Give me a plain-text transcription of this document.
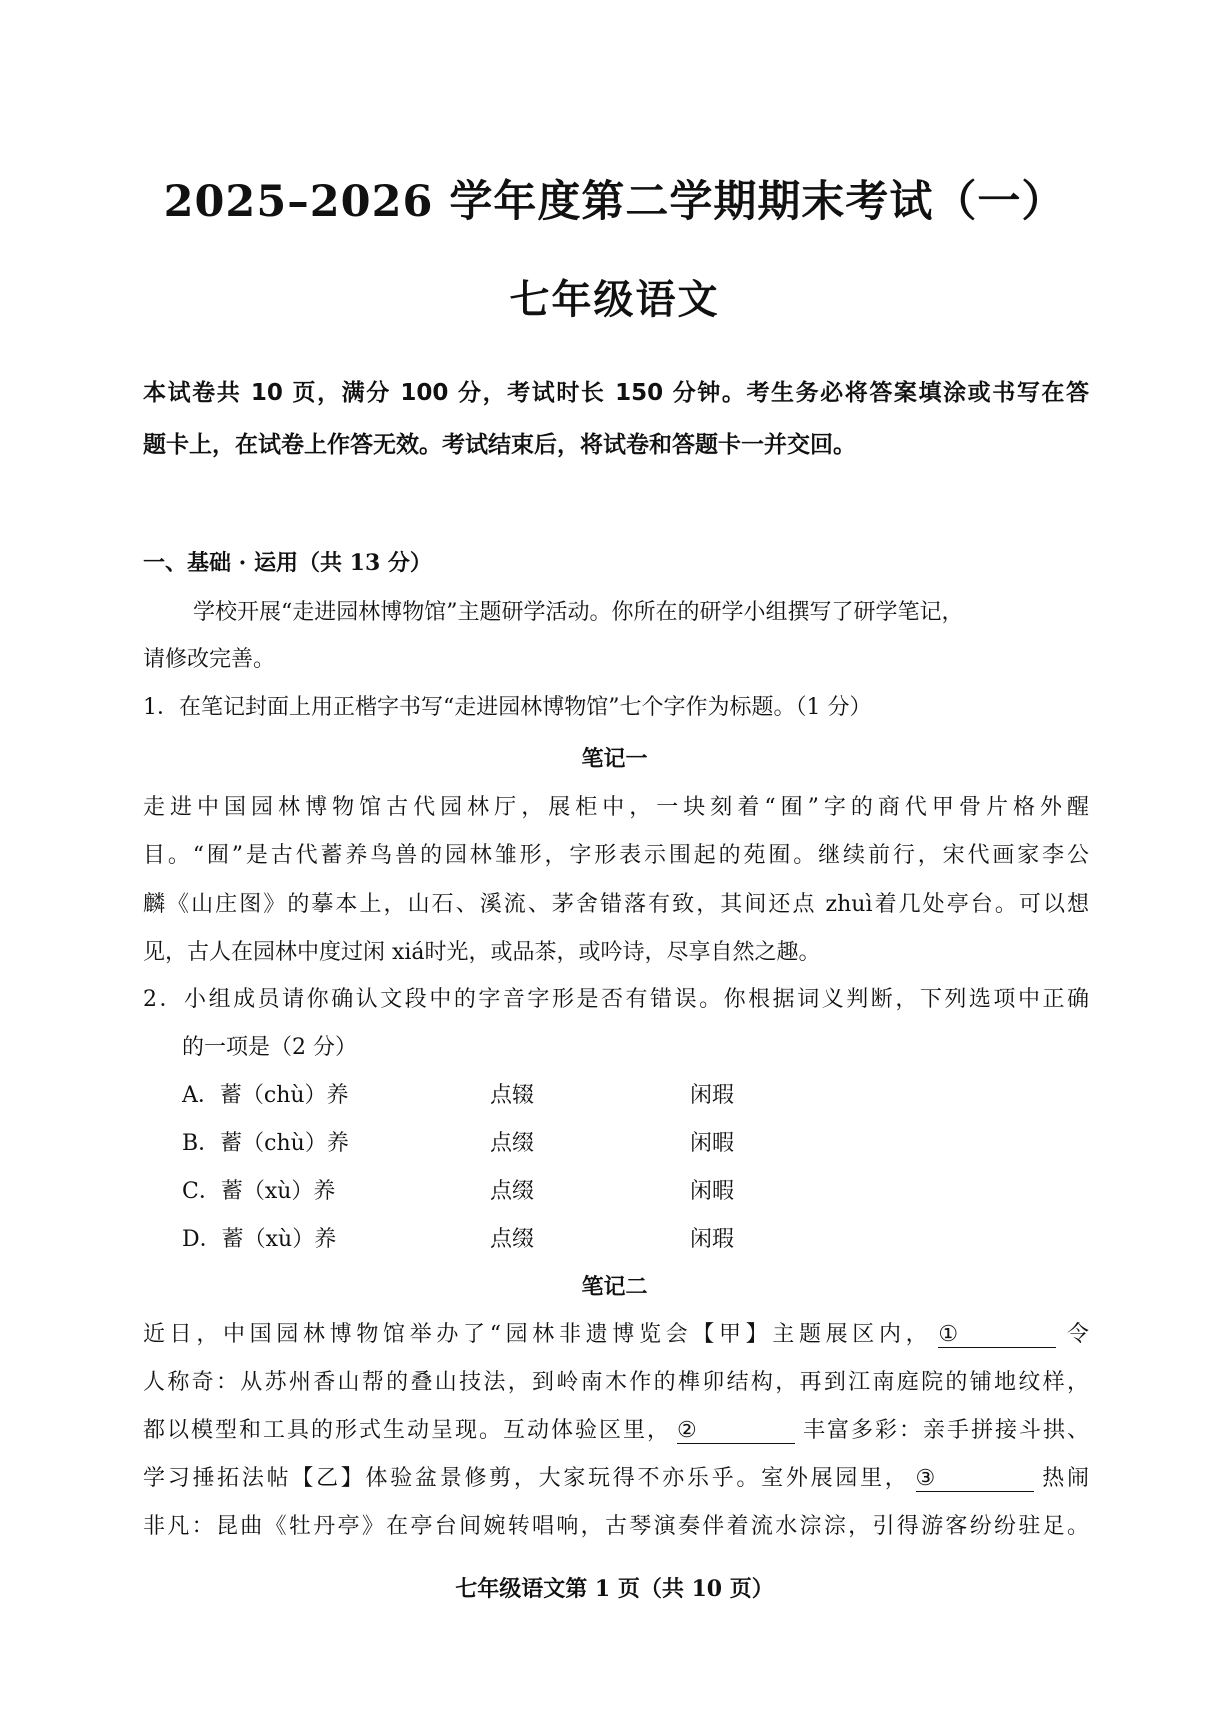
2025–2026 学年度第二学期期末考试（一）
七年级语文
本试卷共 10 页，满分 100 分，考试时长 150 分钟。考生务必将答案填涂或书写在答
题卡上，在试卷上作答无效。考试结束后，将试卷和答题卡一并交回。
一、基础 · 运用（共 13 分）
学校开展“走进园林博物馆”主题研学活动。你所在的研学小组撰写了研学笔记，
请修改完善。
1．在笔记封面上用正楷字书写“走进园林博物馆”七个字作为标题。（1 分）
笔记一
走进中国园林博物馆古代园林厅，展柜中，一块刻着“囿”字的商代甲骨片格外醒
目。“囿”是古代蓄养鸟兽的园林雏形，字形表示围起的苑囿。继续前行，宋代画家李公
麟《山庄图》的摹本上，山石、溪流、茅舍错落有致，其间还点 zhuì着几处亭台。可以想
见，古人在园林中度过闲 xiá时光，或品茶，或吟诗，尽享自然之趣。
2．小组成员请你确认文段中的字音字形是否有错误。你根据词义判断，下列选项中正确
的一项是（2 分）
A．蓄（chù）养	点辍	闲瑕
B．蓄（chù）养	点缀	闲暇
C．蓄（xù）养	点缀	闲暇
D．蓄（xù）养	点缀	闲瑕
笔记二
近日，中国园林博物馆举办了“园林非遗博览会【甲】主题展区内， ①	令
人称奇：从苏州香山帮的叠山技法，到岭南木作的榫卯结构，再到江南庭院的铺地纹样，
都以模型和工具的形式生动呈现。互动体验区里， ②	丰富多彩：亲手拼接斗拱、
学习捶拓法帖【乙】体验盆景修剪，大家玩得不亦乐乎。室外展园里， ③	热闹
非凡：昆曲《牡丹亭》在亭台间婉转唱响，古琴演奏伴着流水淙淙，引得游客纷纷驻足。
七年级语文第 1 页（共 10 页）
